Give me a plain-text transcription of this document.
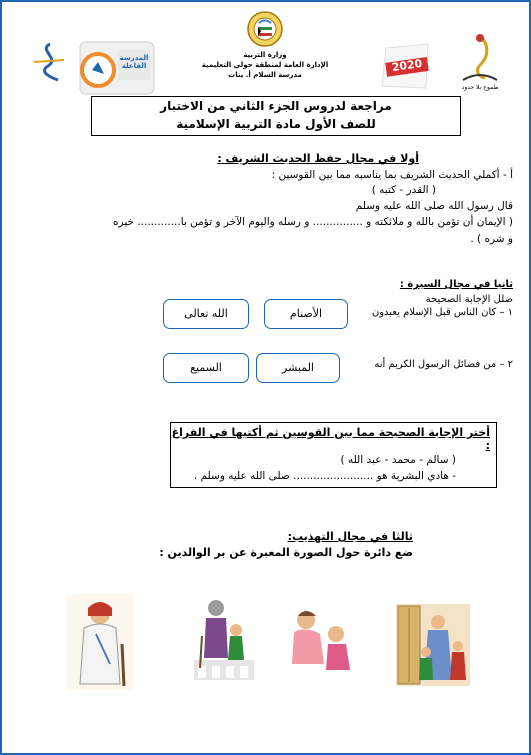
المدرسة الفاعلة
وزارة التربية
الإدارة العامة لمنطقة حولي التعليمية
مدرسة السلام أ. بنات
2020
طموح بلا حدود
مراجعة لدروس الجزء الثاني من الاختبار
للصف الأول مادة التربية الإسلامية
أولا في مجال حفظ الحديث الشريف :
أ - أكملي الحديث الشريف بما يناسبه مما بين القوسين :
( القدر - كتبه )
قال رسول الله صلى الله عليه وسلم
( الإيمان أن تؤمن بالله و ملائكته و ............... و رسله واليوم الآخر و تؤمن با............. خيره
و شره ) .
ثانيا في مجال السيرة :
ضلل الإجابة الصحيحة
١ – كان الناس قبل الإسلام يعبدون
الأصنام
الله تعالى
٢ – من فضائل الرسول الكريم أنه
المبشر
السميع
أختر الإجابة الصحيحة مما بين القوسين ثم أكتبها في الفراغ :
( سالم - محمد - عبد الله )
- هادي البشرية هو ........................ صلى الله عليه وسلم .
ثالثا في مجال التهذيب:
ضع دائرة حول الصورة المعبرة عن بر الوالدين :
